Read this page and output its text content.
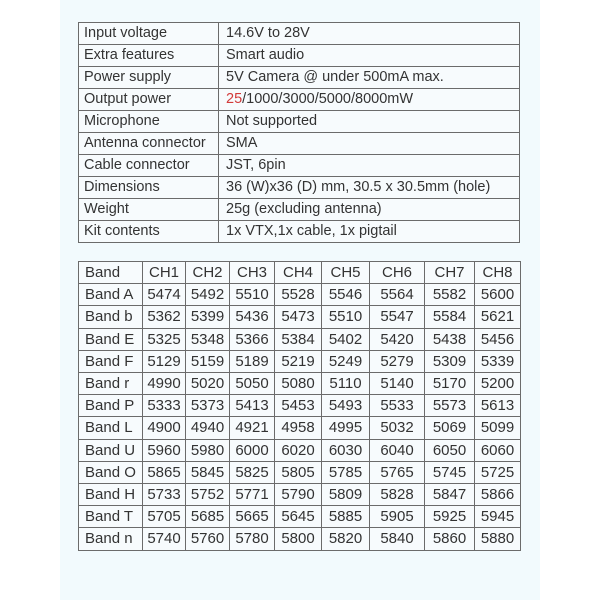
Input voltage	14.6V to 28V
Extra features	Smart audio
Power supply	5V Camera @ under 500mA max.
Output power	25/1000/3000/5000/8000mW
Microphone	Not supported
Antenna connector	SMA
Cable connector	JST, 6pin
Dimensions	36 (W)x36 (D) mm, 30.5 x 30.5mm (hole)
Weight	25g (excluding antenna)
Kit contents	1x VTX,1x cable, 1x pigtail
Band	CH1	CH2	CH3	CH4	CH5	CH6	CH7	CH8
Band A	5474	5492	5510	5528	5546	5564	5582	5600
Band b	5362	5399	5436	5473	5510	5547	5584	5621
Band E	5325	5348	5366	5384	5402	5420	5438	5456
Band F	5129	5159	5189	5219	5249	5279	5309	5339
Band r	4990	5020	5050	5080	5110	5140	5170	5200
Band P	5333	5373	5413	5453	5493	5533	5573	5613
Band L	4900	4940	4921	4958	4995	5032	5069	5099
Band U	5960	5980	6000	6020	6030	6040	6050	6060
Band O	5865	5845	5825	5805	5785	5765	5745	5725
Band H	5733	5752	5771	5790	5809	5828	5847	5866
Band T	5705	5685	5665	5645	5885	5905	5925	5945
Band n	5740	5760	5780	5800	5820	5840	5860	5880
